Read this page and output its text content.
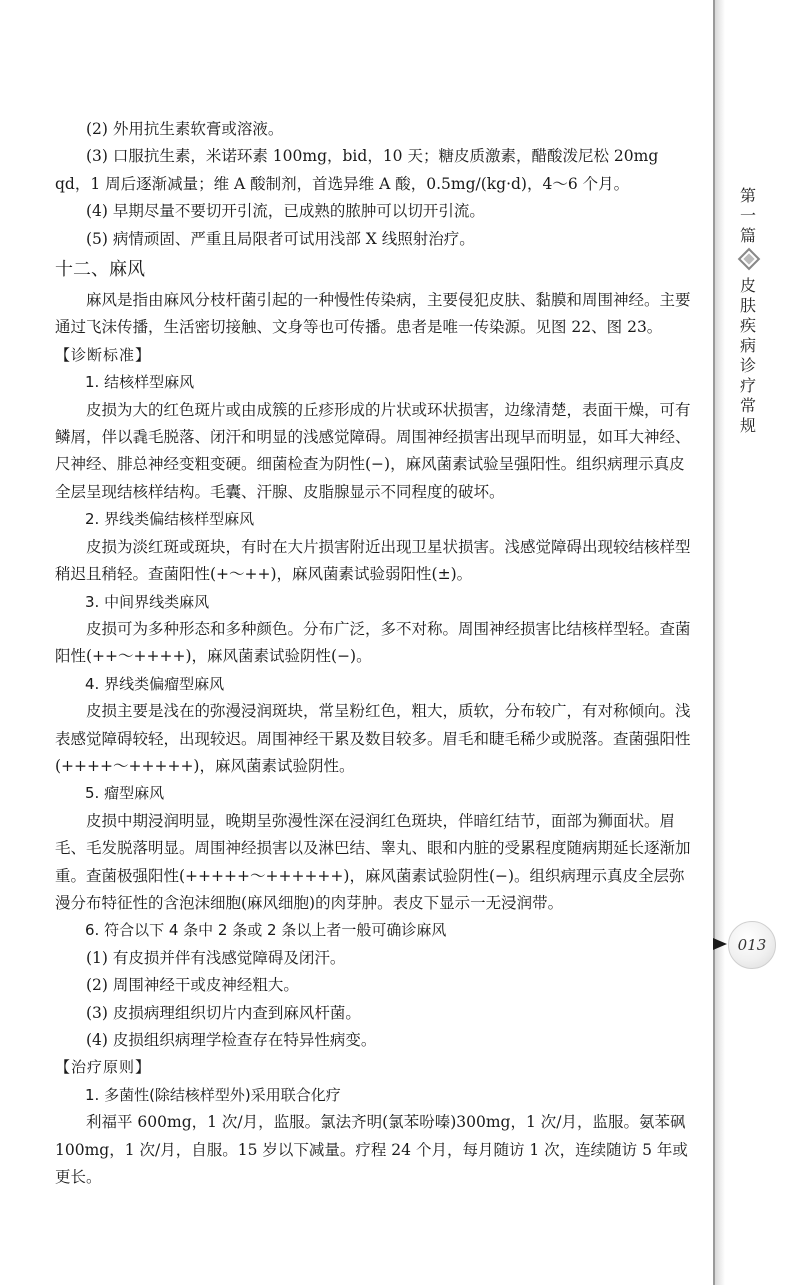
(2) 外用抗生素软膏或溶液。

(3) 口服抗生素，米诺环素 100mg，bid，10 天；糖皮质激素，醋酸泼尼松 20mg qd，1 周后逐渐减量；维 A 酸制剂，首选异维 A 酸，0.5mg/(kg·d)，4～6 个月。

(4) 早期尽量不要切开引流，已成熟的脓肿可以切开引流。

(5) 病情顽固、严重且局限者可试用浅部 X 线照射治疗。

十二、麻风

麻风是指由麻风分枝杆菌引起的一种慢性传染病，主要侵犯皮肤、黏膜和周围神经。主要通过飞沫传播，生活密切接触、文身等也可传播。患者是唯一传染源。见图 22、图 23。

【诊断标准】

1. 结核样型麻风

皮损为大的红色斑片或由成簇的丘疹形成的片状或环状损害，边缘清楚，表面干燥，可有鳞屑，伴以毳毛脱落、闭汗和明显的浅感觉障碍。周围神经损害出现早而明显，如耳大神经、尺神经、腓总神经变粗变硬。细菌检查为阴性(−)，麻风菌素试验呈强阳性。组织病理示真皮全层呈现结核样结构。毛囊、汗腺、皮脂腺显示不同程度的破坏。

2. 界线类偏结核样型麻风

皮损为淡红斑或斑块，有时在大片损害附近出现卫星状损害。浅感觉障碍出现较结核样型稍迟且稍轻。查菌阳性(+～++)，麻风菌素试验弱阳性(±)。

3. 中间界线类麻风

皮损可为多种形态和多种颜色。分布广泛，多不对称。周围神经损害比结核样型轻。查菌阳性(++～++++)，麻风菌素试验阴性(−)。

4. 界线类偏瘤型麻风

皮损主要是浅在的弥漫浸润斑块，常呈粉红色，粗大，质软，分布较广，有对称倾向。浅表感觉障碍较轻，出现较迟。周围神经干累及数目较多。眉毛和睫毛稀少或脱落。查菌强阳性(++++～+++++)，麻风菌素试验阴性。

5. 瘤型麻风

皮损中期浸润明显，晚期呈弥漫性深在浸润红色斑块，伴暗红结节，面部为狮面状。眉毛、毛发脱落明显。周围神经损害以及淋巴结、睾丸、眼和内脏的受累程度随病期延长逐渐加重。查菌极强阳性(+++++～++++++)，麻风菌素试验阴性(−)。组织病理示真皮全层弥漫分布特征性的含泡沫细胞(麻风细胞)的肉芽肿。表皮下显示一无浸润带。

6. 符合以下 4 条中 2 条或 2 条以上者一般可确诊麻风

(1) 有皮损并伴有浅感觉障碍及闭汗。

(2) 周围神经干或皮神经粗大。

(3) 皮损病理组织切片内查到麻风杆菌。

(4) 皮损组织病理学检查存在特异性病变。

【治疗原则】

1. 多菌性(除结核样型外)采用联合化疗

利福平 600mg，1 次/月，监服。氯法齐明(氯苯吩嗪)300mg，1 次/月，监服。氨苯砜 100mg，1 次/月，自服。15 岁以下减量。疗程 24 个月，每月随访 1 次，连续随访 5 年或更长。

第
一
篇
皮
肤
疾
病
诊
疗
常
规
013
